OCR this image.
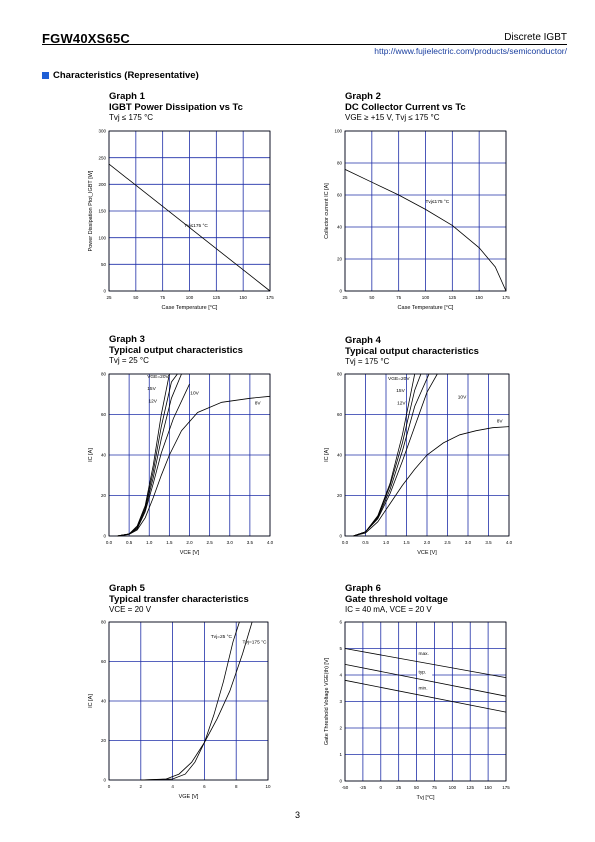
FGW40XS65C	Discrete IGBT
http://www.fujielectric.com/products/semiconductor/
Characteristics (Representative)
Graph 1
IGBT Power Dissipation vs Tc
Tvj ≤ 175 °C
Graph 2
DC Collector Current vs Tc
VGE ≥ +15 V, Tvj ≤ 175 °C
Graph 3
Typical output characteristics
Tvj = 25 °C
Graph 4
Typical output characteristics
Tvj = 175 °C
Graph 5
Typical transfer characteristics
VCE = 20 V
Graph 6
Gate threshold voltage
IC = 40 mA, VCE = 20 V
25	50	75	100	125	150	175
0
50
100
150
200
250
300
Case Temperature [°C]
Power Dissipation Ptot_IGBT [W]	Tvj≤175 °C
25	50	75	100	125	150	175
0
20
40
60
80
100
Case Temperature [°C]
Collector current IC [A]	Tvj≤175 °C
0.0	0.5	1.0	1.5	2.0	2.5	3.0	3.5	4.0
0
20
40
60
80
VCE [V]
IC [A]
VGE=20V
15V
12V
10V
8V
0.0	0.5	1.0	1.5	2.0	2.5	3.0	3.5	4.0
0
20
40
60
80
VCE [V]
IC [A]
VGE=20V
15V
12V
10V
8V
0	2	4	6	8	10
0
20
40
60
80
VGE [V]
IC [A]
Tvj=25 °C
Tvj=175 °C
-50	-25	0	25	50	75	100 125 150 175
0
1
2
3
4
5
6
Tvj [°C]
Gate Threshold Voltage VGE(th) [V]
max.
typ.
min.
3
